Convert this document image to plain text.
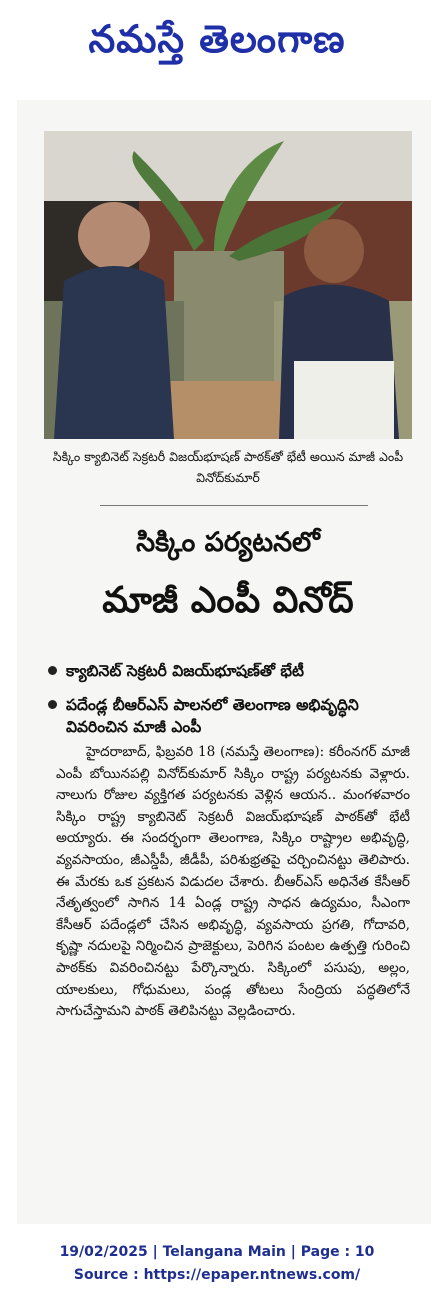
నమస్తే తెలంగాణ
సిక్కిం క్యాబినెట్ సెక్రటరీ విజయ్‌భూషణ్ పాఠక్‌తో భేటీ అయిన మాజీ ఎంపీ వినోద్‌కుమార్
సిక్కిం పర్యటనలో
మాజీ ఎంపీ వినోద్
క్యాబినెట్ సెక్రటరీ విజయ్‌భూషణ్‌తో భేటీ
పదేండ్ల బీఆర్‌ఎస్ పాలనలో తెలంగాణ అభివృద్ధిని వివరించిన మాజీ ఎంపీ
హైదరాబాద్, ఫిబ్రవరి 18 (నమస్తే తెలంగాణ): కరీంనగర్ మాజీ ఎంపీ బోయినపల్లి వినోద్‌కుమార్ సిక్కిం రాష్ట్ర పర్యటనకు వెళ్లారు. నాలుగు రోజుల వ్యక్తిగత పర్యటనకు వెళ్లిన ఆయన.. మంగళవారం సిక్కిం రాష్ట్ర క్యాబినెట్ సెక్రటరీ విజయ్‌భూషణ్ పాఠక్‌తో భేటీ అయ్యారు. ఈ సందర్భంగా తెలంగాణ, సిక్కిం రాష్ట్రాల అభివృద్ధి, వ్యవసాయం, జీఎస్డీపీ, జీడీపీ, పరిశుభ్రతపై చర్చించినట్టు తెలిపారు. ఈ మేరకు ఒక ప్రకటన విడుదల చేశారు. బీఆర్‌ఎస్ అధినేత కేసీఆర్ నేతృత్వంలో సాగిన 14 ఏండ్ల రాష్ట్ర సాధన ఉద్యమం, సీఎంగా కేసీఆర్ పదేండ్లలో చేసిన అభివృద్ధి, వ్యవసాయ ప్రగతి, గోదావరి, కృష్ణా నదులపై నిర్మించిన ప్రాజెక్టులు, పెరిగిన పంటల ఉత్పత్తి గురించి పాఠక్‌కు వివరించినట్టు పేర్కొన్నారు. సిక్కింలో పసుపు, అల్లం, యాలకులు, గోధుమలు, పండ్ల తోటలు సేంద్రియ పద్ధతిలోనే సాగుచేస్తామని పాఠక్ తెలిపినట్టు వెల్లడించారు.
19/02/2025 | Telangana Main | Page : 10
Source : https://epaper.ntnews.com/
